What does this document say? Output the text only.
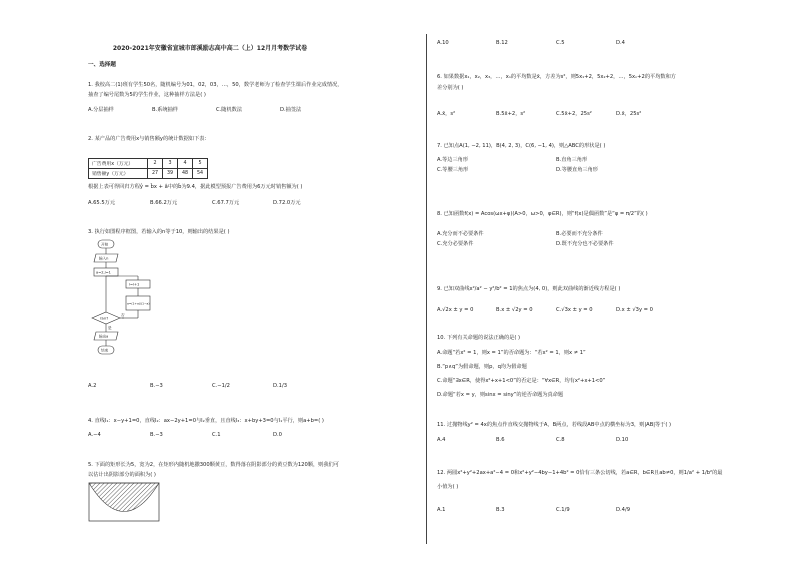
2020-2021年安徽省宣城市郎溪励志高中高二（上）12月月考数学试卷
一、选择题
1. 我校高二(1)班有学生50名，随机编号为01，02，03，…，50，数学老师为了检查学生课后作业完成情况，
抽查了编号尾数为5的学生作业，这种抽样方法是( )
A.分层抽样	B.系统抽样	C.随机数法	D.抽签法
2. 某产品的广告费用x与销售额y的统计数据如下表：
广告费用x（万元）	2	3	4	5
销售额y（万元）	27	39	48	54
根据上表可得回归方程ŷ = b̂x + â中的b̂为9.4，据此模型预报广告费用为6万元时销售额为( )
A.65.5万元	B.66.2万元	C.67.7万元	D.72.0万元
3. 执行如图程序框图，若输入的n等于10，则输出的结果是( )
开始
输入n
a=2,i=1
i=i+1
a=(1+a)/(1−a)
i≥n?
是
否
输出a
结束
A.2	B.−3	C.−1/2	D.1/3
4. 直线l₁：x−y+1=0，直线l₂：ax−2y+1=0与l₂垂直，且直线l₃：x+by+3=0与l₁平行，则a+b=( )
A.−4	B.−3	C.1	D.0
5. 下面的矩形长为5，宽为2，在矩形内随机地撒300颗黄豆，数得落在阴影部分的黄豆数为120颗，则我们可
以估计出阴影部分的面积为( )
A.10	B.12	C.5	D.4
6. 如果数据x₁，x₂，x₃，…，xₙ的平均数是x̄，方差为s²，则5x₁+2，5x₂+2，…，5xₙ+2的平均数和方
差分别为( )
A.x̄，s²	B.5x̄+2，s²	C.5x̄+2，25s²	D.x̄，25s²
7. 已知点A(1, −2, 11)，B(4, 2, 3)，C(6, −1, 4)，则△ABC的形状是( )
A.等边三角形	B.直角三角形
C.等腰三角形	D.等腰直角三角形
8. 已知函数f(x) = Acos(ωx+φ)(A>0，ω>0，φ∈R)，则“f(x)是偶函数”是“φ = π/2”的( )
A.充分而不必要条件	B.必要而不充分条件
C.充分必要条件	D.既不充分也不必要条件
9. 已知双曲线x²/a² − y²/b² = 1的焦点为(4, 0)，则此双曲线的渐近线方程是( )
A.√2x ± y = 0	B.x ± √2y = 0	C.√3x ± y = 0	D.x ± √3y = 0
10. 下列有关命题的说法正确的是( )
A.命题“若x² = 1，则x = 1”的否命题为：“若x² = 1，则x ≠ 1”
B.“p∧q”为假命题，则p，q均为假命题
C.命题“∃x∈R，使得x²+x+1<0”的否定是：“∀x∈R，均有x²+x+1<0”
D.命题“若x = y，则sinx = siny”的逆否命题为真命题
11. 过抛物线y² = 4x的焦点作直线交抛物线于A，B两点，若线段AB中点的横坐标为3，则|AB|等于( )
A.4	B.6	C.8	D.10
12. 两圆x²+y²+2ax+a²−4 = 0和x²+y²−4by−1+4b² = 0恰有三条公切线，若a∈R，b∈R且ab≠0，则1/a² + 1/b²的最
小值为( )
A.1	B.3	C.1/9	D.4/9
